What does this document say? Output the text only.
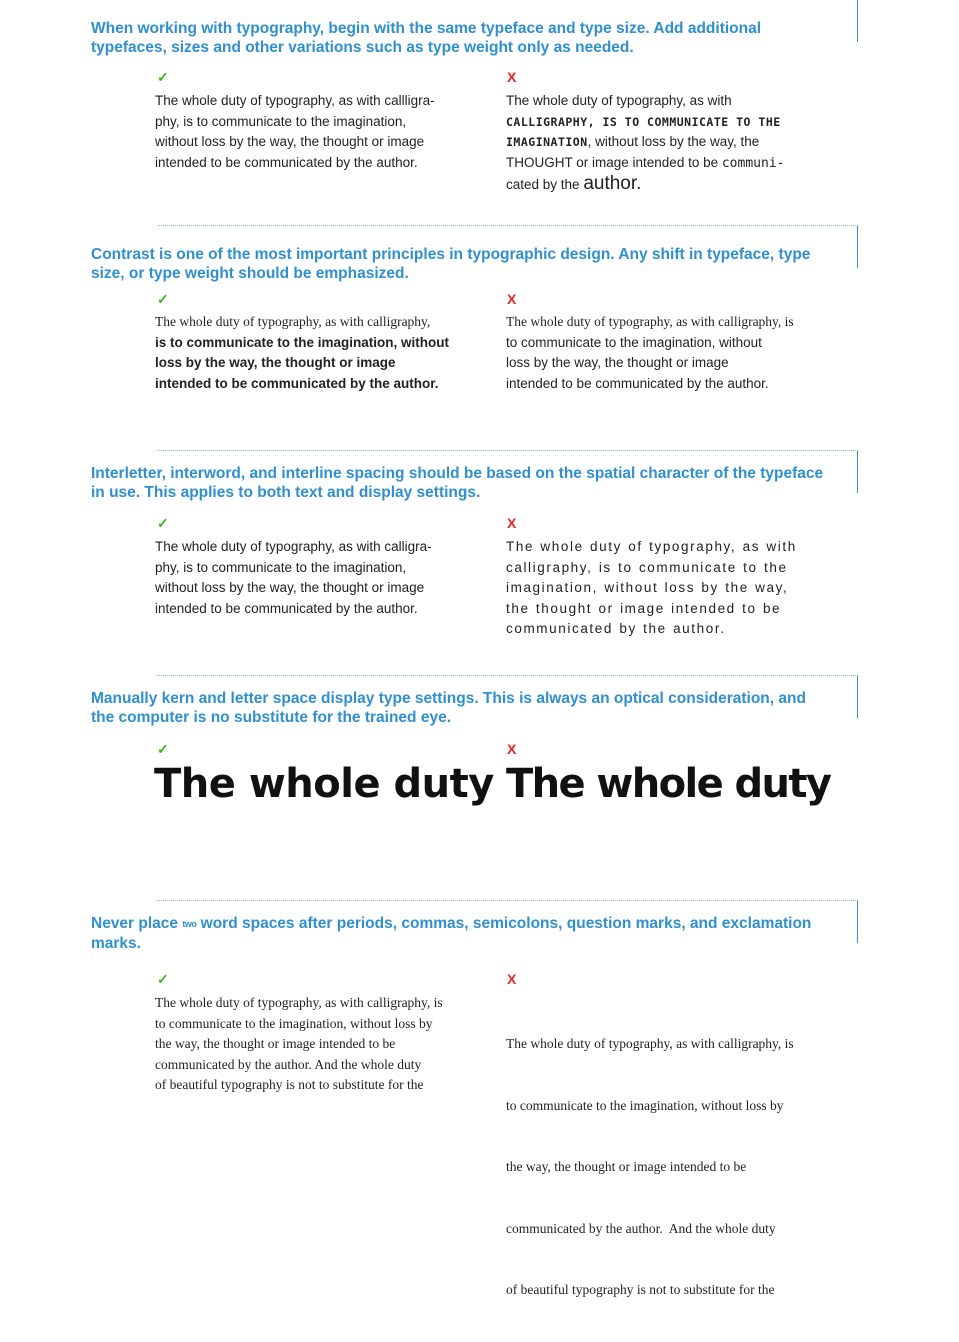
When working with typography, begin with the same typeface and type size. Add additional typefaces, sizes and other variations such as type weight only as needed.
✓	X
The whole duty of typography, as with callligra-
phy, is to communicate to the imagination,
without loss by the way, the thought or image
intended to be communicated by the author.
The whole duty of typography, as with
CALLIGRAPHY, IS TO COMMUNICATE TO THE
IMAGINATION, without loss by the way, the
THOUGHT or image intended to be communi-
cated by the author.
Contrast is one of the most important principles in typographic design. Any shift in typeface, type size, or type weight should be emphasized.
✓	X
The whole duty of typography, as with calligraphy,
is to communicate to the imagination, without
loss by the way, the thought or image
intended to be communicated by the author.
The whole duty of typography, as with calligraphy, is
to communicate to the imagination, without
loss by the way, the thought or image
intended to be communicated by the author.
Interletter, interword, and interline spacing should be based on the spatial character of the typeface in use. This applies to both text and display settings.
✓	X
The whole duty of typography, as with calligra-
phy, is to communicate to the imagination,
without loss by the way, the thought or image
intended to be communicated by the author.
The whole duty of typography, as with
calligraphy, is to communicate to the
imagination, without loss by the way,
the thought or image intended to be
communicated by the author.
Manually kern and letter space display type settings. This is always an optical consideration, and the computer is no substitute for the trained eye.
✓	X
The whole duty The whole duty
Never place two word spaces after periods, commas, semicolons, question marks, and exclamation marks.
✓	X
The whole duty of typography, as with calligraphy, is
to communicate to the imagination, without loss by
the way, the thought or image intended to be
communicated by the author. And the whole duty
of beautiful typography is not to substitute for the

The whole duty of typography, as with calligraphy, is

to communicate to the imagination, without loss by

the way, the thought or image intended to be

communicated by the author.  And the whole duty

of beautiful typography is not to substitute for the
